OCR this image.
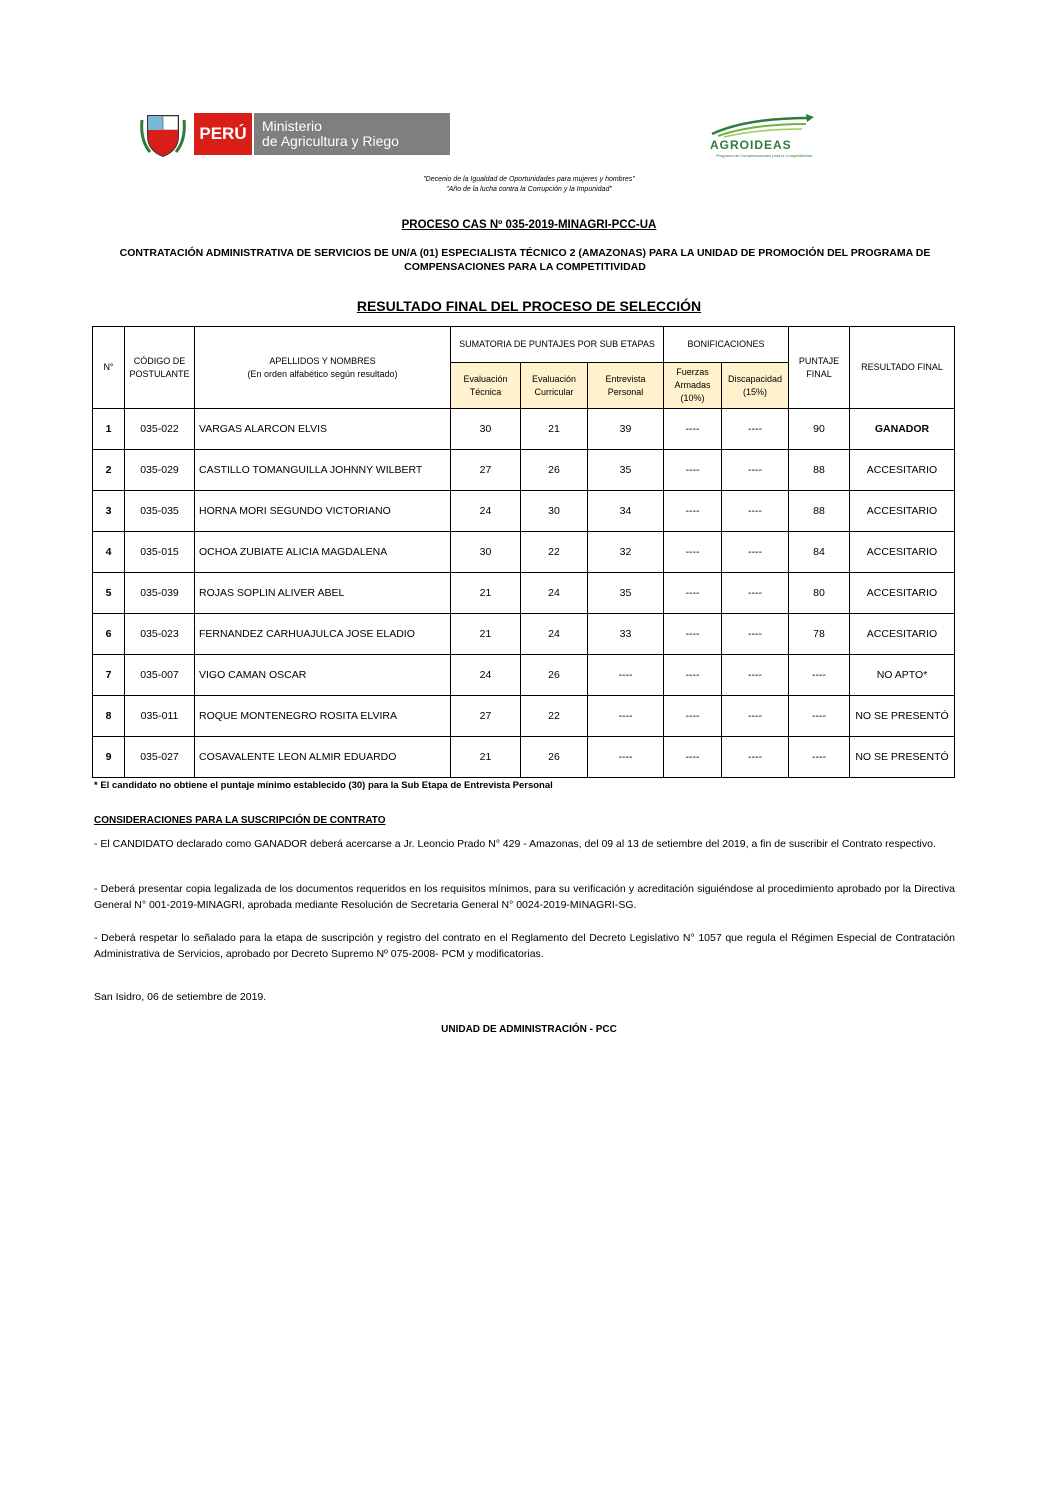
PERÚ	Ministerio
de Agricultura y Riego	AGROIDEAS
Programa de Compensaciones para la Competitividad
"Decenio de la Igualdad de Oportunidades para mujeres y hombres"
"Año de la lucha contra la Corrupción y la Impunidad"
PROCESO CAS Nº 035-2019-MINAGRI-PCC-UA
CONTRATACIÓN ADMINISTRATIVA DE SERVICIOS DE UN/A (01) ESPECIALISTA TÉCNICO 2 (AMAZONAS) PARA LA UNIDAD DE PROMOCIÓN DEL PROGRAMA DE COMPENSACIONES PARA LA COMPETITIVIDAD
RESULTADO FINAL DEL PROCESO DE SELECCIÓN
N°	CÓDIGO DE POSTULANTE	APELLIDOS Y NOMBRES
(En orden alfabético según resultado)	SUMATORIA DE PUNTAJES POR SUB ETAPAS			BONIFICACIONES		PUNTAJE FINAL	RESULTADO FINAL
			Evaluación Técnica	Evaluación Curricular	Entrevista Personal	Fuerzas Armadas (10%)	Discapacidad (15%)		
1	035-022	VARGAS ALARCON ELVIS	30	21	39	----	----	90	GANADOR
2	035-029	CASTILLO TOMANGUILLA JOHNNY WILBERT	27	26	35	----	----	88	ACCESITARIO
3	035-035	HORNA MORI SEGUNDO VICTORIANO	24	30	34	----	----	88	ACCESITARIO
4	035-015	OCHOA ZUBIATE ALICIA MAGDALENA	30	22	32	----	----	84	ACCESITARIO
5	035-039	ROJAS SOPLIN ALIVER ABEL	21	24	35	----	----	80	ACCESITARIO
6	035-023	FERNANDEZ CARHUAJULCA JOSE ELADIO	21	24	33	----	----	78	ACCESITARIO
7	035-007	VIGO CAMAN OSCAR	24	26	----	----	----	----	NO APTO*
8	035-011	ROQUE MONTENEGRO ROSITA ELVIRA	27	22	----	----	----	----	NO SE PRESENTÓ
9	035-027	COSAVALENTE LEON ALMIR EDUARDO	21	26	----	----	----	----	NO SE PRESENTÓ
* El candidato no obtiene el puntaje mínimo establecido (30) para la Sub Etapa de Entrevista Personal
CONSIDERACIONES PARA LA SUSCRIPCIÓN DE CONTRATO
- El CANDIDATO declarado como GANADOR deberá acercarse a Jr. Leoncio Prado N° 429 - Amazonas, del 09 al 13 de setiembre del 2019, a fin de suscribir el Contrato respectivo.
- Deberá presentar copia legalizada de los documentos requeridos en los requisitos mínimos, para su verificación y acreditación siguiéndose al procedimiento aprobado por la Directiva General N° 001-2019-MINAGRI, aprobada mediante Resolución de Secretaria General N° 0024-2019-MINAGRI-SG.
- Deberá respetar lo señalado para la etapa de suscripción y registro del contrato en el Reglamento del Decreto Legislativo N° 1057 que regula el Régimen Especial de Contratación Administrativa de Servicios, aprobado por Decreto Supremo Nº 075-2008- PCM y modificatorias.
San Isidro, 06 de setiembre de 2019.
UNIDAD DE ADMINISTRACIÓN - PCC
